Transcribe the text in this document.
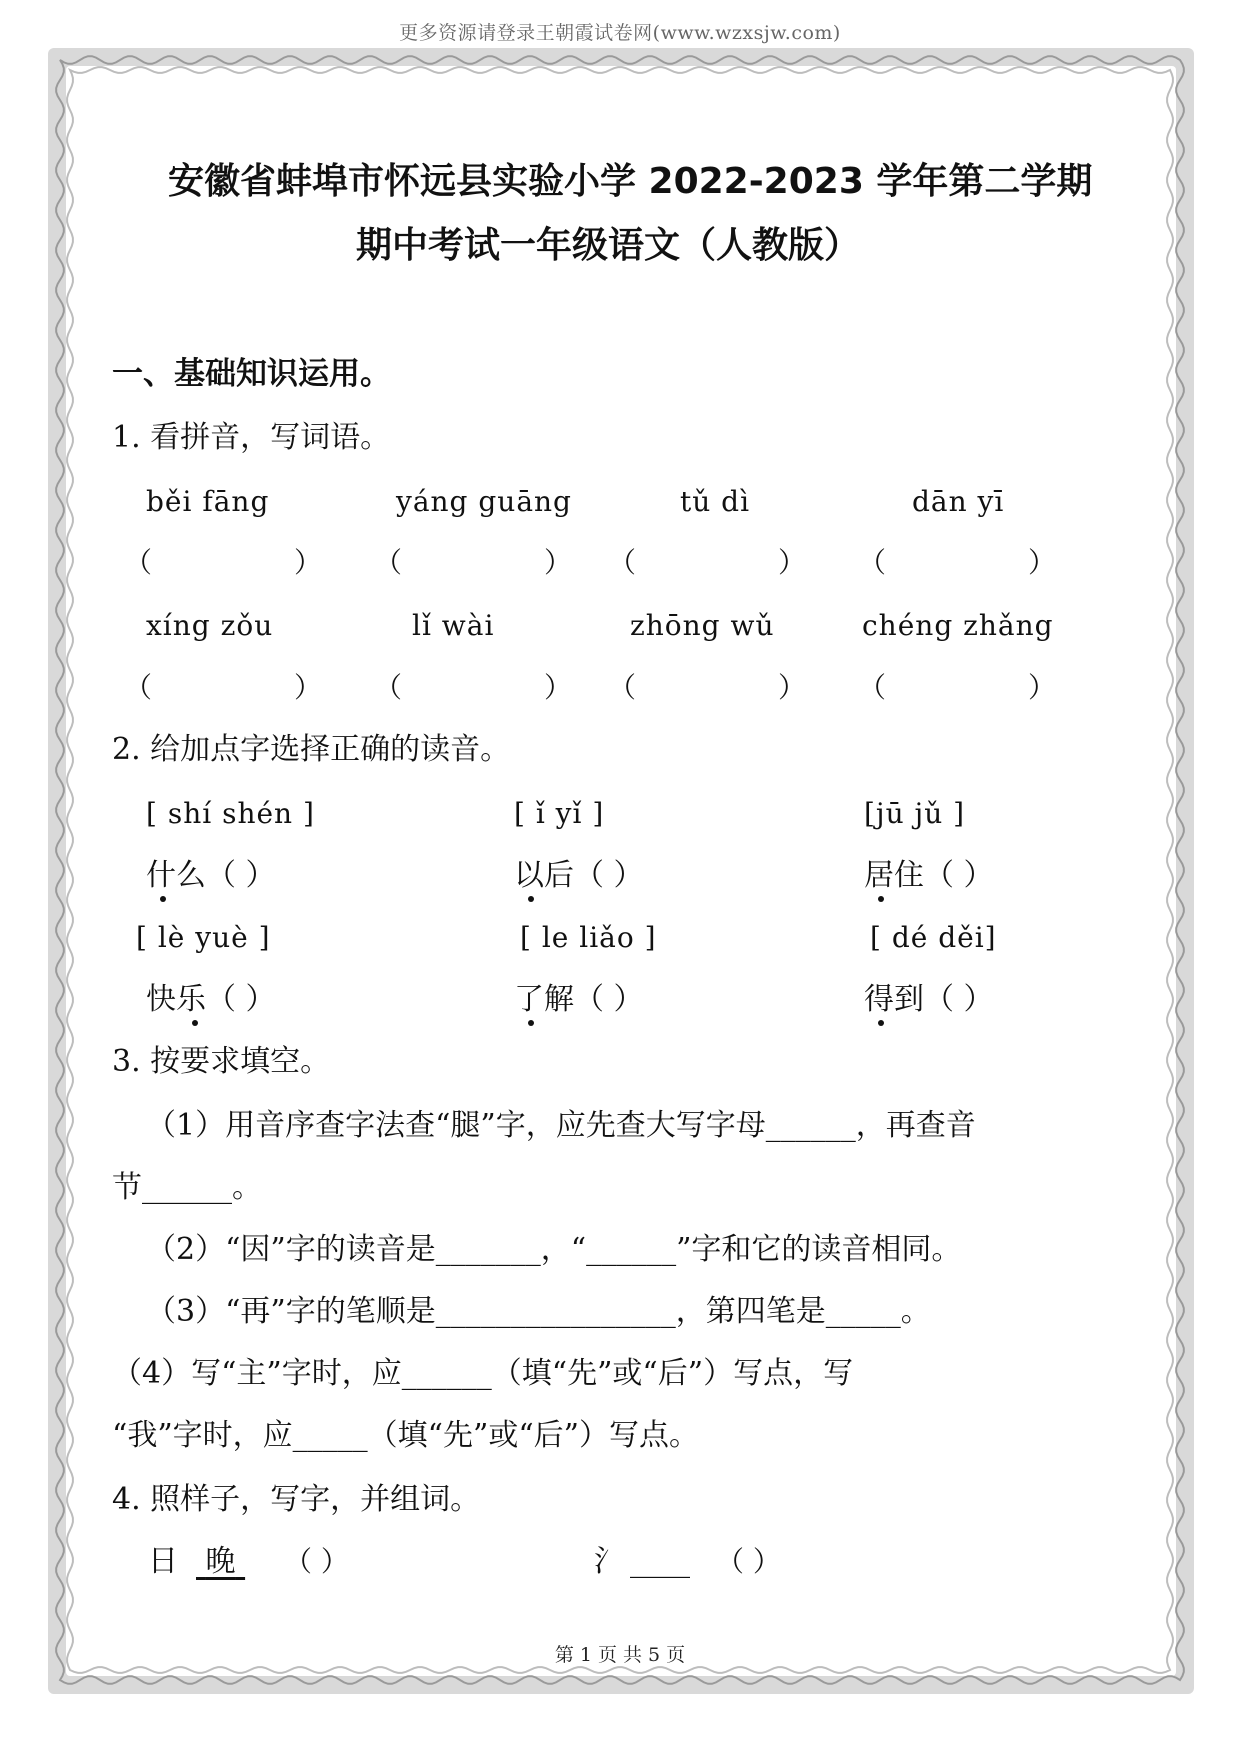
更多资源请登录王朝霞试卷网(www.wzxsjw.com)
安徽省蚌埠市怀远县实验小学 2022-2023 学年第二学期
期中考试一年级语文（人教版）
一、基础知识运用。
1. 看拼音，写词语。
běi fāng	yáng guāng	tǔ dì	dān yī
（	） （	） （	） （	）
xíng zǒu	lǐ wài	zhōng wǔ	chéng zhǎng
（	） （	） （	） （	）
2. 给加点字选择正确的读音。
[ shí shén ]	[ ǐ yǐ ]	[jū jǔ ]
什么（ ）	以后（ ）	居住（ ）
[ lè yuè ]	[ le liǎo ]	[ dé děi]
快乐（ ）	了解（ ）	得到（ ）
3. 按要求填空。
（1）用音序查字法查“腿”字，应先查大写字母______，再查音
节______。
（2）“因”字的读音是_______，“______”字和它的读音相同。
（3）“再”字的笔顺是________________，第四笔是_____。
（4）写“主”字时，应______（填“先”或“后”）写点，写
“我”字时，应_____（填“先”或“后”）写点。
4. 照样子，写字，并组词。
日 晚	（ ）	氵 ____ （ ）
第 1 页 共 5 页
